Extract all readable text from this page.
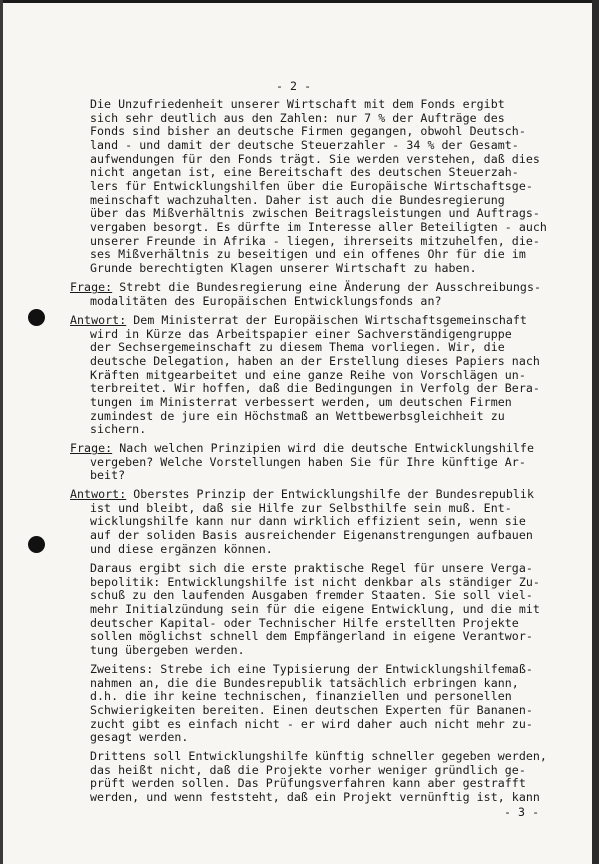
- 2 -
Die Unzufriedenheit unserer Wirtschaft mit dem Fonds ergibt
sich sehr deutlich aus den Zahlen: nur 7 % der Aufträge des
Fonds sind bisher an deutsche Firmen gegangen, obwohl Deutsch-
land - und damit der deutsche Steuerzahler - 34 % der Gesamt-
aufwendungen für den Fonds trägt. Sie werden verstehen, daß dies
nicht angetan ist, eine Bereitschaft des deutschen Steuerzah-
lers für Entwicklungshilfen über die Europäische Wirtschaftsge-
meinschaft wachzuhalten. Daher ist auch die Bundesregierung
über das Mißverhältnis zwischen Beitragsleistungen und Auftrags-
vergaben besorgt. Es dürfte im Interesse aller Beteiligten - auch
unserer Freunde in Afrika - liegen, ihrerseits mitzuhelfen, die-
ses Mißverhältnis zu beseitigen und ein offenes Ohr für die im
Grunde berechtigten Klagen unserer Wirtschaft zu haben.
Frage: Strebt die Bundesregierung eine Änderung der Ausschreibungs-
modalitäten des Europäischen Entwicklungsfonds an?
Antwort: Dem Ministerrat der Europäischen Wirtschaftsgemeinschaft
wird in Kürze das Arbeitspapier einer Sachverständigengruppe
der Sechsergemeinschaft zu diesem Thema vorliegen. Wir, die
deutsche Delegation, haben an der Erstellung dieses Papiers nach
Kräften mitgearbeitet und eine ganze Reihe von Vorschlägen un-
terbreitet. Wir hoffen, daß die Bedingungen in Verfolg der Bera-
tungen im Ministerrat verbessert werden, um deutschen Firmen
zumindest de jure ein Höchstmaß an Wettbewerbsgleichheit zu
sichern.
Frage: Nach welchen Prinzipien wird die deutsche Entwicklungshilfe
vergeben? Welche Vorstellungen haben Sie für Ihre künftige Ar-
beit?
Antwort: Oberstes Prinzip der Entwicklungshilfe der Bundesrepublik
ist und bleibt, daß sie Hilfe zur Selbsthilfe sein muß. Ent-
wicklungshilfe kann nur dann wirklich effizient sein, wenn sie
auf der soliden Basis ausreichender Eigenanstrengungen aufbauen
und diese ergänzen können.
Daraus ergibt sich die erste praktische Regel für unsere Verga-
bepolitik: Entwicklungshilfe ist nicht denkbar als ständiger Zu-
schuß zu den laufenden Ausgaben fremder Staaten. Sie soll viel-
mehr Initialzündung sein für die eigene Entwicklung, und die mit
deutscher Kapital- oder Technischer Hilfe erstellten Projekte
sollen möglichst schnell dem Empfängerland in eigene Verantwor-
tung übergeben werden.
Zweitens: Strebe ich eine Typisierung der Entwicklungshilfemaß-
nahmen an, die die Bundesrepublik tatsächlich erbringen kann,
d.h. die ihr keine technischen, finanziellen und personellen
Schwierigkeiten bereiten. Einen deutschen Experten für Bananen-
zucht gibt es einfach nicht - er wird daher auch nicht mehr zu-
gesagt werden.
Drittens soll Entwicklungshilfe künftig schneller gegeben werden,
das heißt nicht, daß die Projekte vorher weniger gründlich ge-
prüft werden sollen. Das Prüfungsverfahren kann aber gestrafft
werden, und wenn feststeht, daß ein Projekt vernünftig ist, kann
- 3 -
